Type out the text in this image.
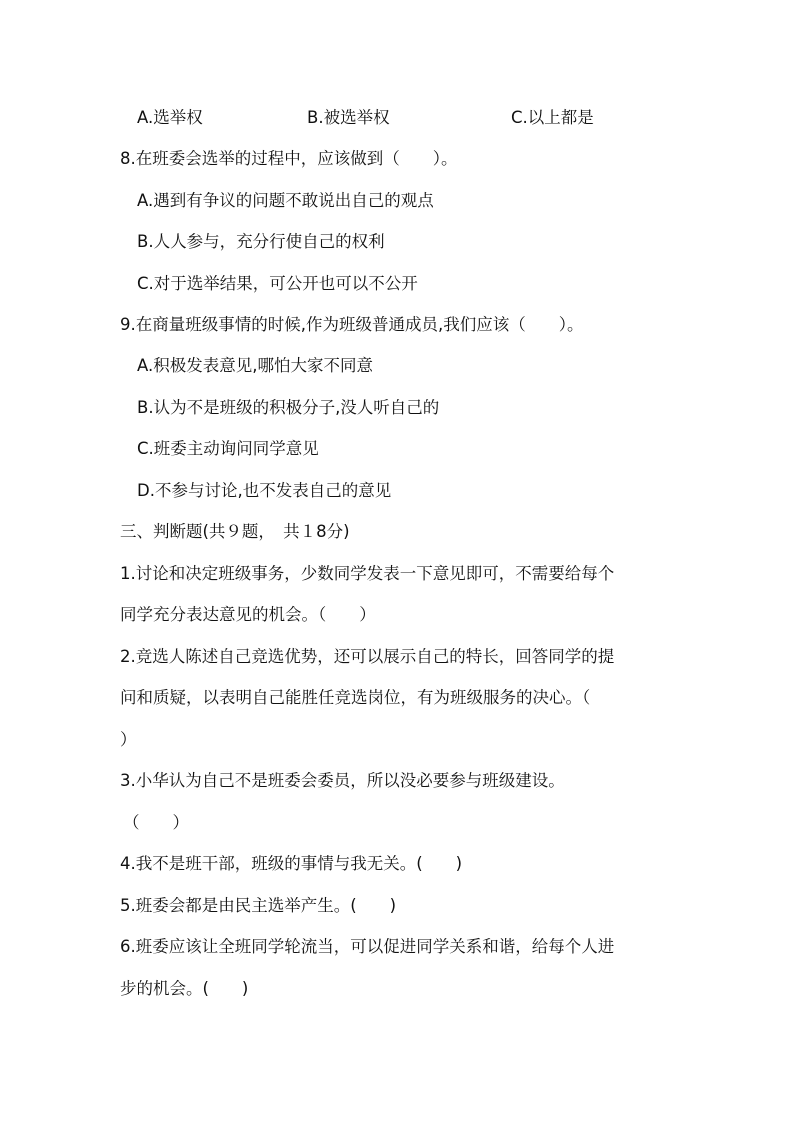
A.选举权	B.被选举权	C.以上都是
8.在班委会选举的过程中，应该做到（　　）。
A.遇到有争议的问题不敢说出自己的观点
B.人人参与，充分行使自己的权利
C.对于选举结果，可公开也可以不公开
9.在商量班级事情的时候,作为班级普通成员,我们应该（　　）。
A.积极发表意见,哪怕大家不同意
B.认为不是班级的积极分子,没人听自己的
C.班委主动询问同学意见
D.不参与讨论,也不发表自己的意见
三、判断题(共９题，　共１8分)
1.讨论和决定班级事务，少数同学发表一下意见即可，不需要给每个
同学充分表达意见的机会。（　　）
2.竞选人陈述自己竞选优势，还可以展示自己的特长，回答同学的提
问和质疑，以表明自己能胜任竞选岗位，有为班级服务的决心。（
）
3.小华认为自己不是班委会委员，所以没必要参与班级建设。
（　　）
4.我不是班干部，班级的事情与我无关。(　　)
5.班委会都是由民主选举产生。(　　)
6.班委应该让全班同学轮流当，可以促进同学关系和谐，给每个人进
步的机会。(　　)
